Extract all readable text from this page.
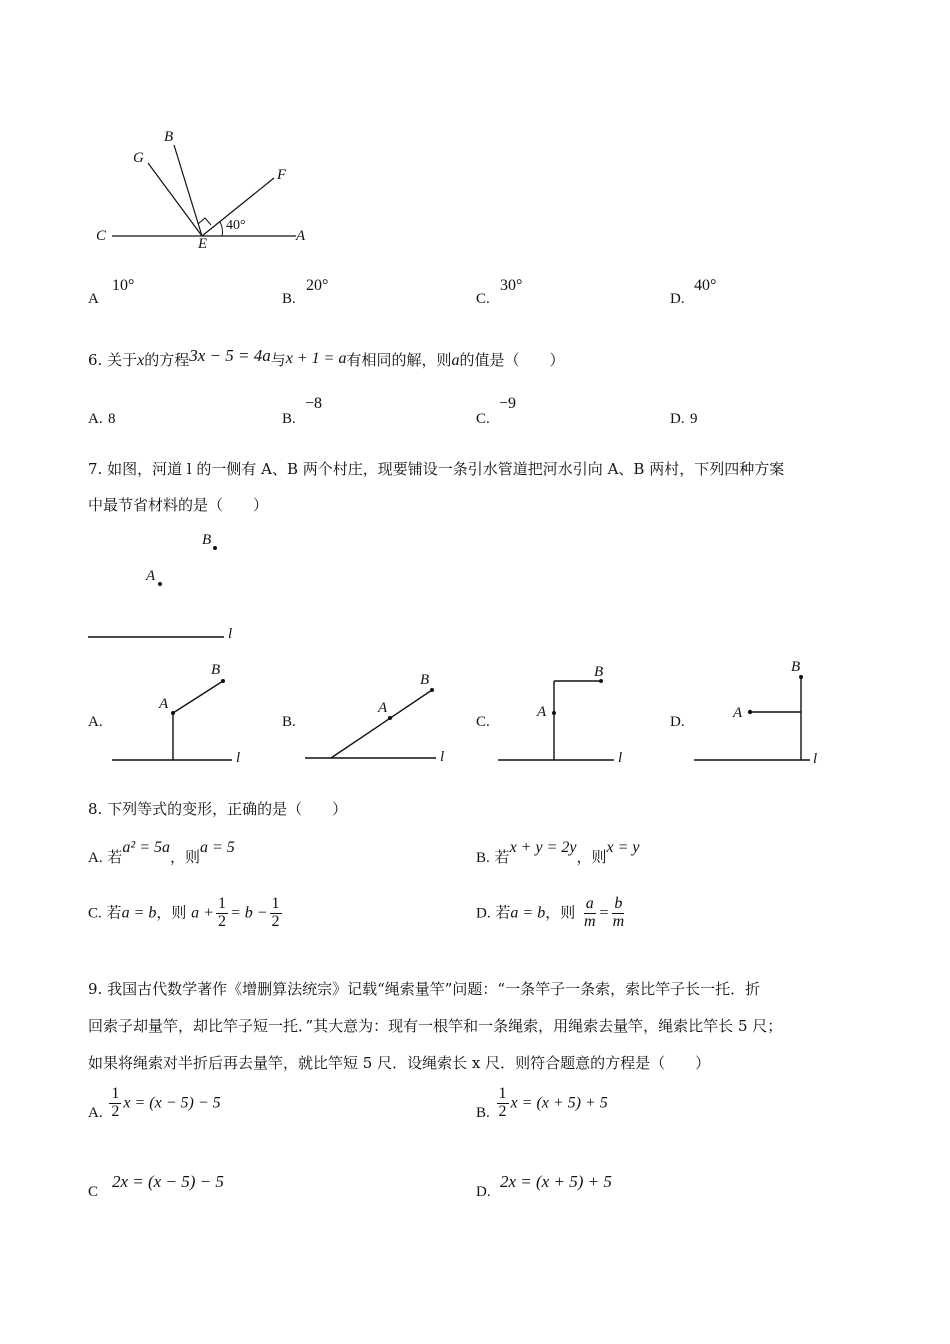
B
G
F
C	E	A
40°
A
10°
B.
20°
C.
30°
D.
40°
6. 关于x的方程3x − 5 = 4a与x + 1 = a有相同的解，则a的值是（　　）
A. 8	B.
−8
C.
−9
D. 9
7. 如图，河道 l 的一侧有 A、B 两个村庄，现要铺设一条引水管道把河水引向 A、B 两村，下列四种方案
中最节省材料的是（　　）
B
A
l
A
B
l
A
B
l
A
B
l
A
B
l
A.	B.	C.	D.
8. 下列等式的变形，正确的是（　　）
A. 若a² = 5a，则a = 5
B. 若x + y = 2y，则x = y
C. 若a = b，则 $a + \frac{1}{2} = b - \frac{1}{2}$	D. 若a = b，则 $\frac{a}{m} = \frac{b}{m}$
9. 我国古代数学著作《增删算法统宗》记载“绳索量竿”问题：“一条竿子一条索，索比竿子长一托．折
回索子却量竿，却比竿子短一托．”其大意为：现有一根竿和一条绳索，用绳索去量竿，绳索比竿长 5 尺；
如果将绳索对半折后再去量竿，就比竿短 5 尺．设绳索长 x 尺．则符合题意的方程是（　　）
A. $\frac{1}{2}$ x = (x − 5) − 5
B. $\frac{1}{2}$ x = (x + 5) + 5
C
2x = (x − 5) − 5
D.
2x = (x + 5) + 5
